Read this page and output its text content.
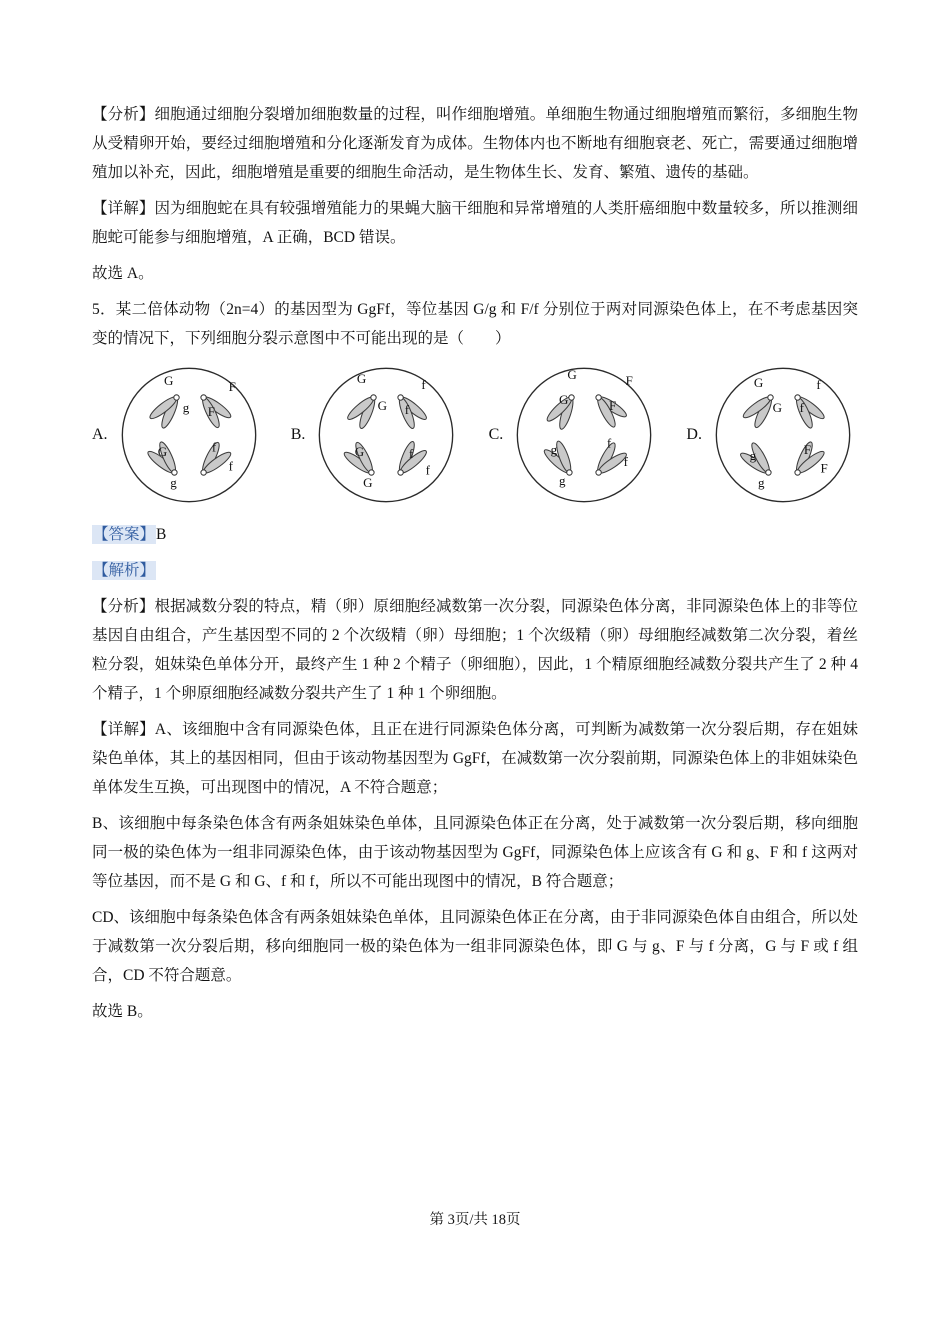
【分析】细胞通过细胞分裂增加细胞数量的过程，叫作细胞增殖。单细胞生物通过细胞增殖而繁衍，多细胞生物从受精卵开始，要经过细胞增殖和分化逐渐发育为成体。生物体内也不断地有细胞衰老、死亡，需要通过细胞增殖加以补充，因此，细胞增殖是重要的细胞生命活动，是生物体生长、发育、繁殖、遗传的基础。

【详解】因为细胞蛇在具有较强增殖能力的果蝇大脑干细胞和异常增殖的人类肝癌细胞中数量较多，所以推测细胞蛇可能参与细胞增殖，A 正确，BCD 错误。

故选 A。

5．某二倍体动物（2n=4）的基因型为 GgFf，等位基因 G/g 和 F/f 分别位于两对同源染色体上，在不考虑基因突变的情况下，下列细胞分裂示意图中不可能出现的是（　　）

A.
G
g
F
F
G
g
f
f
B.
G
G
f
f
G
G
f
f
C.
G
G
F
F
g
g
f
f
D.
G
G
f
f
g
g
F
F

【答案】B

【解析】

【分析】根据减数分裂的特点，精（卵）原细胞经减数第一次分裂，同源染色体分离，非同源染色体上的非等位基因自由组合，产生基因型不同的 2 个次级精（卵）母细胞；1 个次级精（卵）母细胞经减数第二次分裂，着丝粒分裂，姐妹染色单体分开，最终产生 1 种 2 个精子（卵细胞），因此，1 个精原细胞经减数分裂共产生了 2 种 4 个精子，1 个卵原细胞经减数分裂共产生了 1 种 1 个卵细胞。

【详解】A、该细胞中含有同源染色体，且正在进行同源染色体分离，可判断为减数第一次分裂后期，存在姐妹染色单体，其上的基因相同，但由于该动物基因型为 GgFf，在减数第一次分裂前期，同源染色体上的非姐妹染色单体发生互换，可出现图中的情况，A 不符合题意；

B、该细胞中每条染色体含有两条姐妹染色单体，且同源染色体正在分离，处于减数第一次分裂后期，移向细胞同一极的染色体为一组非同源染色体，由于该动物基因型为 GgFf，同源染色体上应该含有 G 和 g、F 和 f 这两对等位基因，而不是 G 和 G、f 和 f，所以不可能出现图中的情况，B 符合题意；

CD、该细胞中每条染色体含有两条姐妹染色单体，且同源染色体正在分离，由于非同源染色体自由组合，所以处于减数第一次分裂后期，移向细胞同一极的染色体为一组非同源染色体，即 G 与 g、F 与 f 分离，G 与 F 或 f 组合，CD 不符合题意。

故选 B。

第 3页/共 18页
